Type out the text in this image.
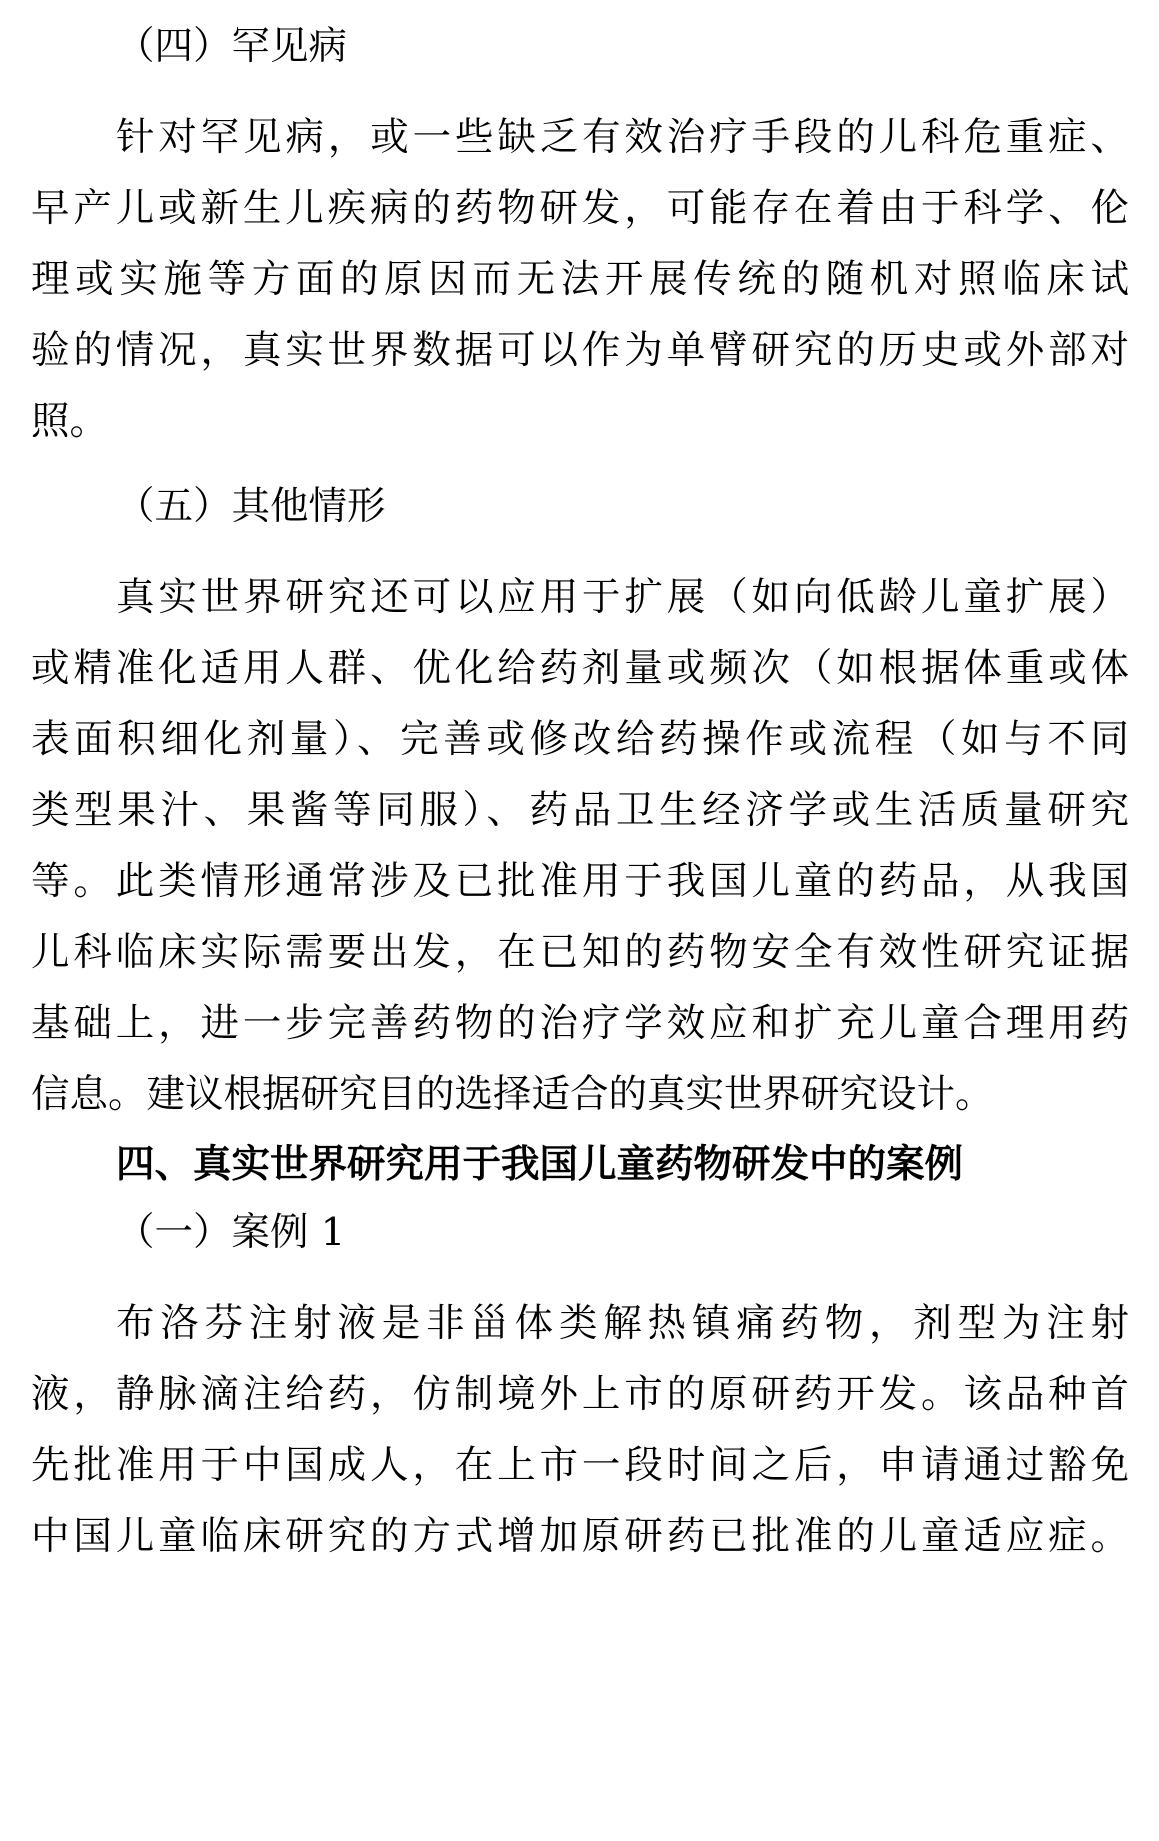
（四）罕见病
针对罕见病，或一些缺乏有效治疗手段的儿科危重症、
早产儿或新生儿疾病的药物研发，可能存在着由于科学、伦
理或实施等方面的原因而无法开展传统的随机对照临床试
验的情况，真实世界数据可以作为单臂研究的历史或外部对
照。
（五）其他情形
真实世界研究还可以应用于扩展（如向低龄儿童扩展）
或精准化适用人群、优化给药剂量或频次（如根据体重或体
表面积细化剂量）、完善或修改给药操作或流程（如与不同
类型果汁、果酱等同服）、药品卫生经济学或生活质量研究
等。此类情形通常涉及已批准用于我国儿童的药品，从我国
儿科临床实际需要出发，在已知的药物安全有效性研究证据
基础上，进一步完善药物的治疗学效应和扩充儿童合理用药
信息。建议根据研究目的选择适合的真实世界研究设计。
四、真实世界研究用于我国儿童药物研发中的案例
（一）案例 1
布洛芬注射液是非甾体类解热镇痛药物，剂型为注射
液，静脉滴注给药，仿制境外上市的原研药开发。该品种首
先批准用于中国成人，在上市一段时间之后，申请通过豁免
中国儿童临床研究的方式增加原研药已批准的儿童适应症。
